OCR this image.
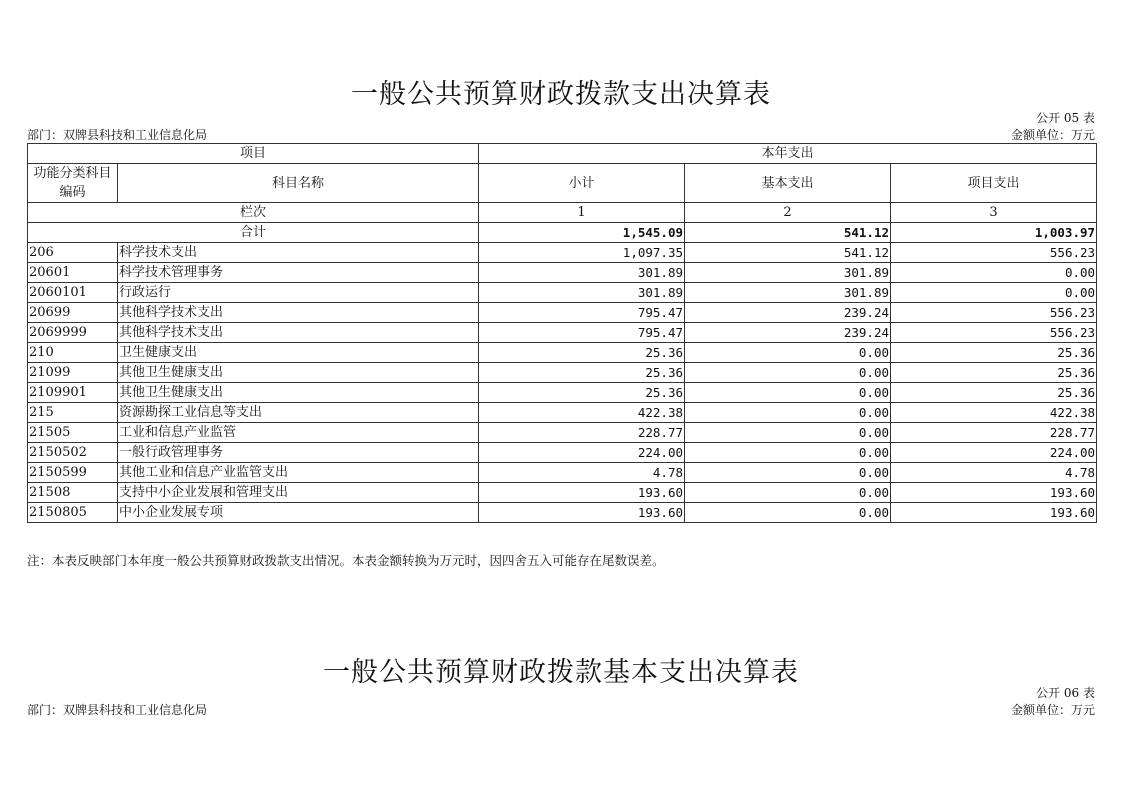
一般公共预算财政拨款支出决算表
公开 05 表
部门：双牌县科技和工业信息化局	金额单位：万元
项目		本年支出		
功能分类科目编码	科目名称	小计	基本支出	项目支出
栏次		1	2	3
合计		1,545.09	541.12	1,003.97
206	科学技术支出	1,097.35	541.12	556.23
20601	科学技术管理事务	301.89	301.89	0.00
2060101	行政运行	301.89	301.89	0.00
20699	其他科学技术支出	795.47	239.24	556.23
2069999	其他科学技术支出	795.47	239.24	556.23
210	卫生健康支出	25.36	0.00	25.36
21099	其他卫生健康支出	25.36	0.00	25.36
2109901	其他卫生健康支出	25.36	0.00	25.36
215	资源勘探工业信息等支出	422.38	0.00	422.38
21505	工业和信息产业监管	228.77	0.00	228.77
2150502	一般行政管理事务	224.00	0.00	224.00
2150599	其他工业和信息产业监管支出	4.78	0.00	4.78
21508	支持中小企业发展和管理支出	193.60	0.00	193.60
2150805	中小企业发展专项	193.60	0.00	193.60
注：本表反映部门本年度一般公共预算财政拨款支出情况。本表金额转换为万元时，因四舍五入可能存在尾数误差。
一般公共预算财政拨款基本支出决算表
公开 06 表
部门：双牌县科技和工业信息化局	金额单位：万元
